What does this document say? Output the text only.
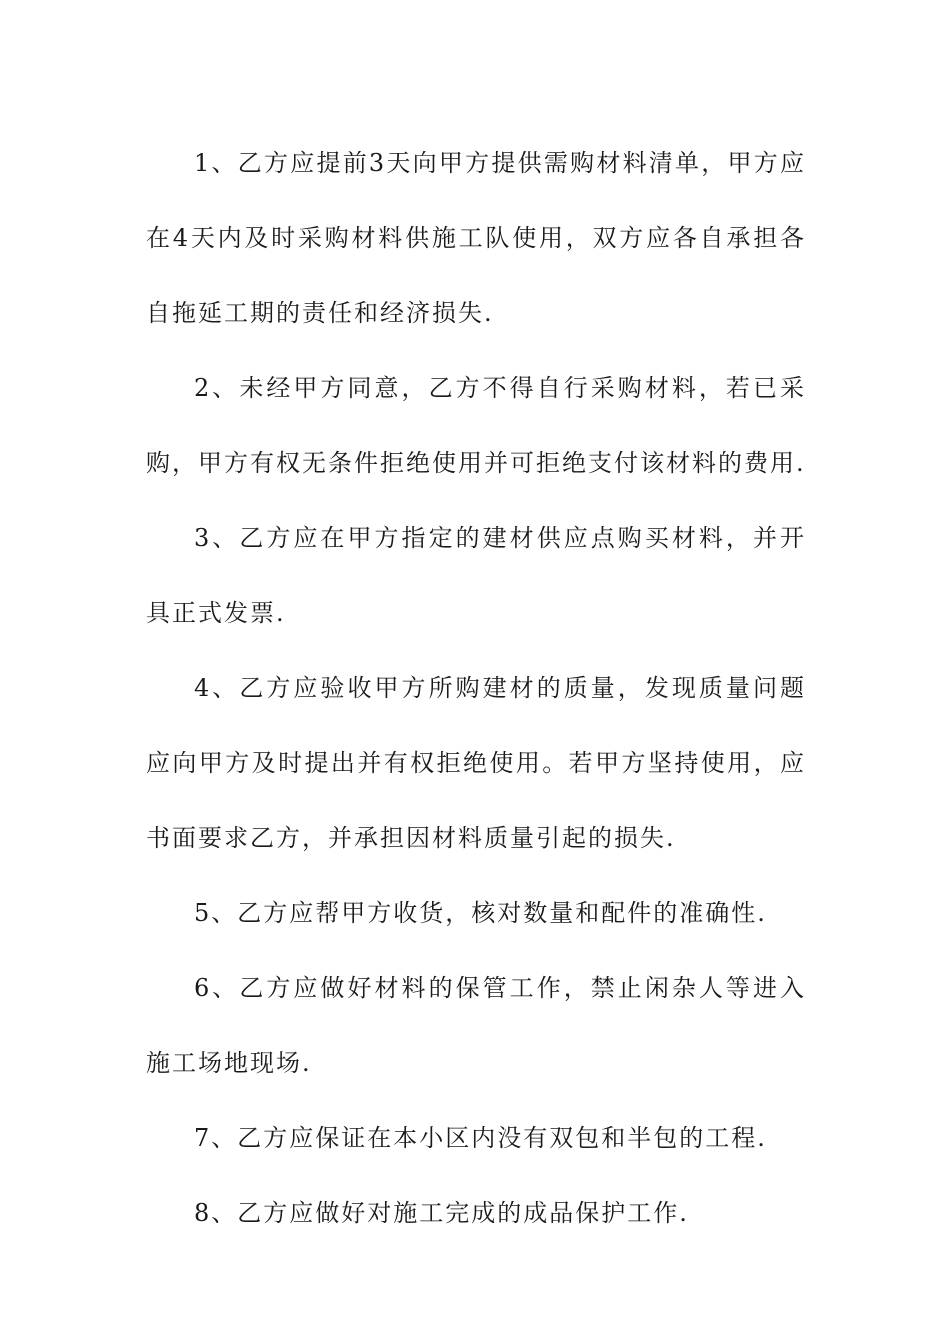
1、乙方应提前3天向甲方提供需购材料清单，甲方应在4天内及时采购材料供施工队使用，双方应各自承担各自拖延工期的责任和经济损失.

2、未经甲方同意，乙方不得自行采购材料，若已采购，甲方有权无条件拒绝使用并可拒绝支付该材料的费用.

3、乙方应在甲方指定的建材供应点购买材料，并开具正式发票.

4、乙方应验收甲方所购建材的质量，发现质量问题应向甲方及时提出并有权拒绝使用。若甲方坚持使用，应书面要求乙方，并承担因材料质量引起的损失.

5、乙方应帮甲方收货，核对数量和配件的准确性.

6、乙方应做好材料的保管工作，禁止闲杂人等进入施工场地现场.

7、乙方应保证在本小区内没有双包和半包的工程.

8、乙方应做好对施工完成的成品保护工作.
